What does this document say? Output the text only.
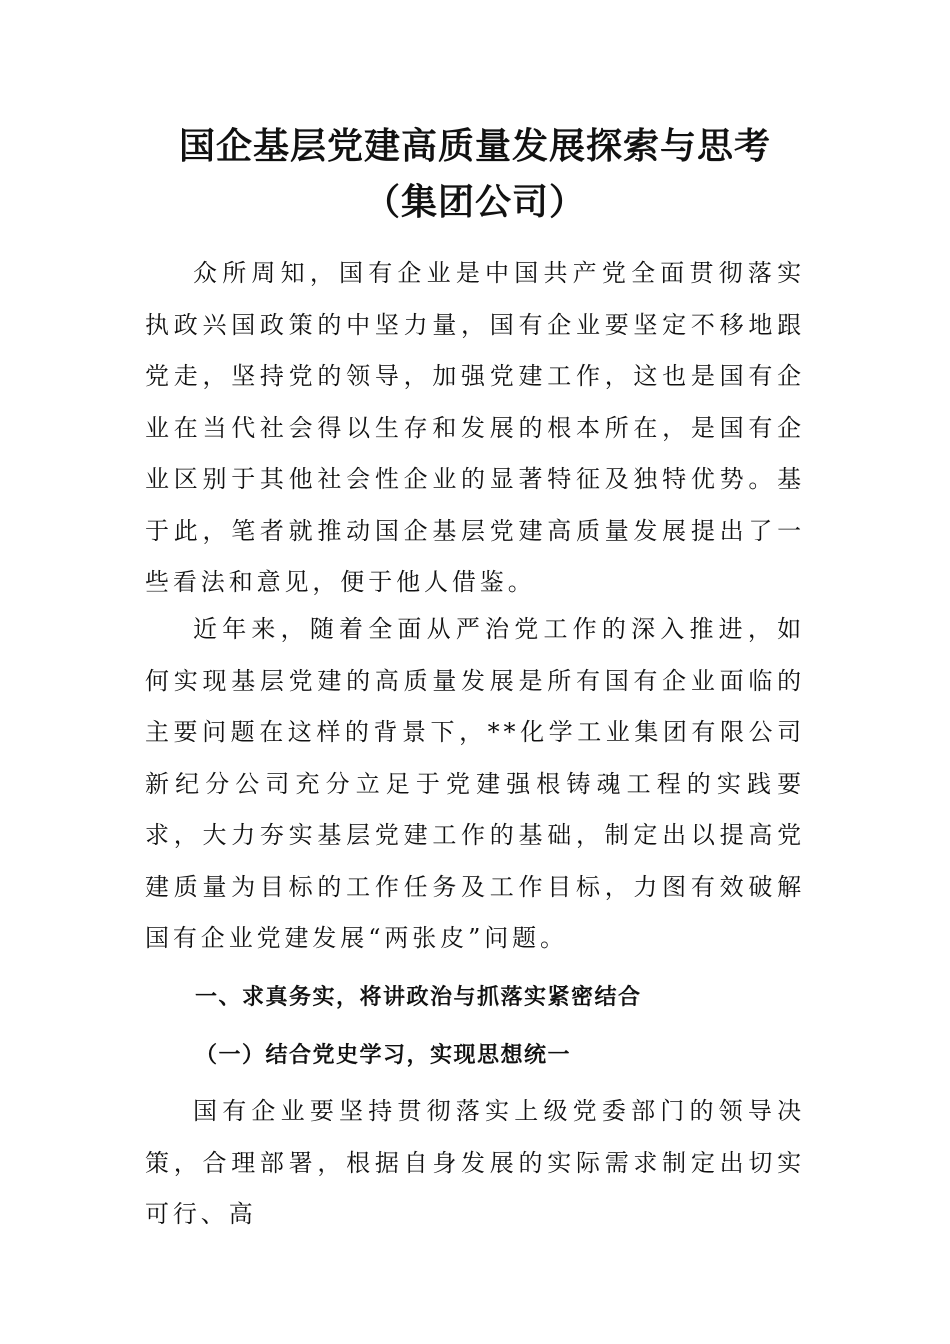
国企基层党建高质量发展探索与思考（集团公司）

众所周知，国有企业是中国共产党全面贯彻落实执政兴国政策的中坚力量，国有企业要坚定不移地跟党走，坚持党的领导，加强党建工作，这也是国有企业在当代社会得以生存和发展的根本所在，是国有企业区别于其他社会性企业的显著特征及独特优势。基于此，笔者就推动国企基层党建高质量发展提出了一些看法和意见，便于他人借鉴。

近年来，随着全面从严治党工作的深入推进，如何实现基层党建的高质量发展是所有国有企业面临的主要问题在这样的背景下，**化学工业集团有限公司新纪分公司充分立足于党建强根铸魂工程的实践要求，大力夯实基层党建工作的基础，制定出以提高党建质量为目标的工作任务及工作目标，力图有效破解国有企业党建发展“两张皮”问题。

一、求真务实，将讲政治与抓落实紧密结合
（一）结合党史学习，实现思想统一

国有企业要坚持贯彻落实上级党委部门的领导决策，合理部署，根据自身发展的实际需求制定出切实可行、高
